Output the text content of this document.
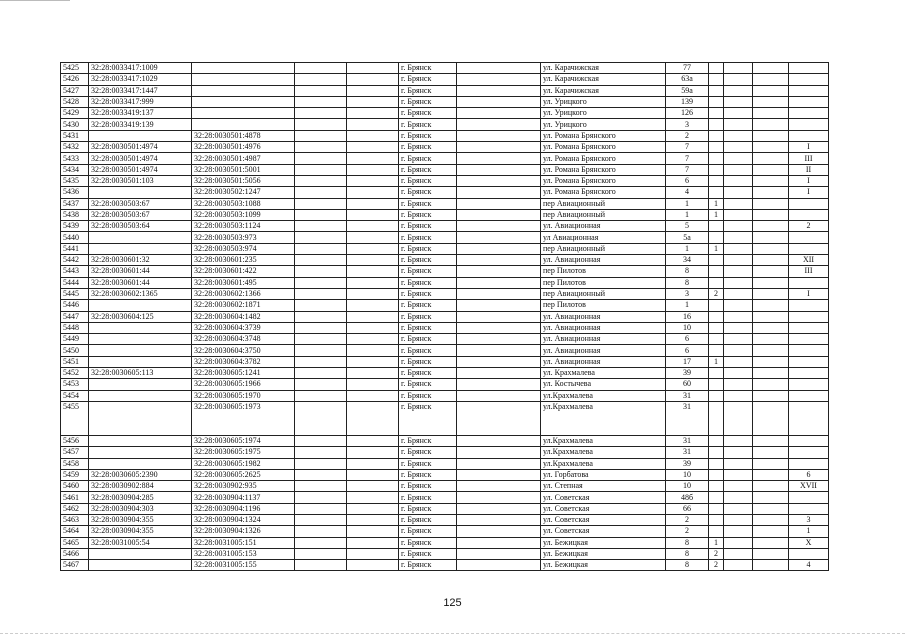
5425	32:28:0033417:1009				г. Брянск		ул. Карачижская	77				
5426	32:28:0033417:1029				г. Брянск		ул. Карачижская	63а				
5427	32:28:0033417:1447				г. Брянск		ул. Карачижская	59а				
5428	32:28:0033417:999				г. Брянск		ул. Урицкого	139				
5429	32:28:0033419:137				г. Брянск		ул. Урицкого	126				
5430	32:28:0033419:139				г. Брянск		ул. Урицкого	3				
5431		32:28:0030501:4878			г. Брянск		ул. Романа Брянского	2				
5432	32:28:0030501:4974	32:28:0030501:4976			г. Брянск		ул. Романа Брянского	7				I
5433	32:28:0030501:4974	32:28:0030501:4987			г. Брянск		ул. Романа Брянского	7				III
5434	32:28:0030501:4974	32:28:0030501:5001			г. Брянск		ул. Романа Брянского	7				II
5435	32:28:0030501:103	32:28:0030501:5056			г. Брянск		ул. Романа Брянского	6				I
5436		32:28:0030502:1247			г. Брянск		ул. Романа Брянского	4				I
5437	32:28:0030503:67	32:28:0030503:1088			г. Брянск		пер Авиационный	1	1			
5438	32:28:0030503:67	32:28:0030503:1099			г. Брянск		пер Авиационный	1	1			
5439	32:28:0030503:64	32:28:0030503:1124			г. Брянск		ул. Авиационная	5				2
5440		32:28:0030503:973			г. Брянск		ул Авиационная	5а				
5441		32:28:0030503:974			г. Брянск		пер Авиационный	1	1			
5442	32:28:0030601:32	32:28:0030601:235			г. Брянск		ул. Авиационная	34				XII
5443	32:28:0030601:44	32:28:0030601:422			г. Брянск		пер Пилотов	8				III
5444	32:28:0030601:44	32:28:0030601:495			г. Брянск		пер Пилотов	8				
5445	32:28:0030602:1365	32:28:0030602:1366			г. Брянск		пер Авиационный	3	2			I
5446		32:28:0030602:1871			г. Брянск		пер Пилотов	1				
5447	32:28:0030604:125	32:28:0030604:1482			г. Брянск		ул. Авиационная	16				
5448		32:28:0030604:3739			г. Брянск		ул. Авиационная	10				
5449		32:28:0030604:3748			г. Брянск		ул. Авиационная	6				
5450		32:28:0030604:3750			г. Брянск		ул. Авиационная	6				
5451		32:28:0030604:3782			г. Брянск		ул. Авиационная	17	1			
5452	32:28:0030605:113	32:28:0030605:1241			г. Брянск		ул. Крахмалева	39				
5453		32:28:0030605:1966			г. Брянск		ул. Костычева	60				
5454		32:28:0030605:1970			г. Брянск		ул.Крахмалева	31				
5455		32:28:0030605:1973			г. Брянск		ул.Крахмалева	31				
5456		32:28:0030605:1974			г. Брянск		ул.Крахмалева	31				
5457		32:28:0030605:1975			г. Брянск		ул.Крахмалева	31				
5458		32:28:0030605:1982			г. Брянск		ул.Крахмалева	39				
5459	32:28:0030605:2390	32:28:0030605:2625			г. Брянск		ул. Горбатова	10				6
5460	32:28:0030902:884	32:28:0030902:935			г. Брянск		ул. Степная	10				XVII
5461	32:28:0030904:285	32:28:0030904:1137			г. Брянск		ул. Советская	48б				
5462	32:28:0030904:303	32:28:0030904:1196			г. Брянск		ул. Советская	66				
5463	32:28:0030904:355	32:28:0030904:1324			г. Брянск		ул. Советская	2				3
5464	32:28:0030904:355	32:28:0030904:1326			г. Брянск		ул. Советская	2				1
5465	32:28:0031005:54	32:28:0031005:151			г. Брянск		ул. Бежицкая	8	1			X
5466		32:28:0031005:153			г. Брянск		ул. Бежицкая	8	2			
5467		32:28:0031005:155			г. Брянск		ул. Бежицкая	8	2			4
125
